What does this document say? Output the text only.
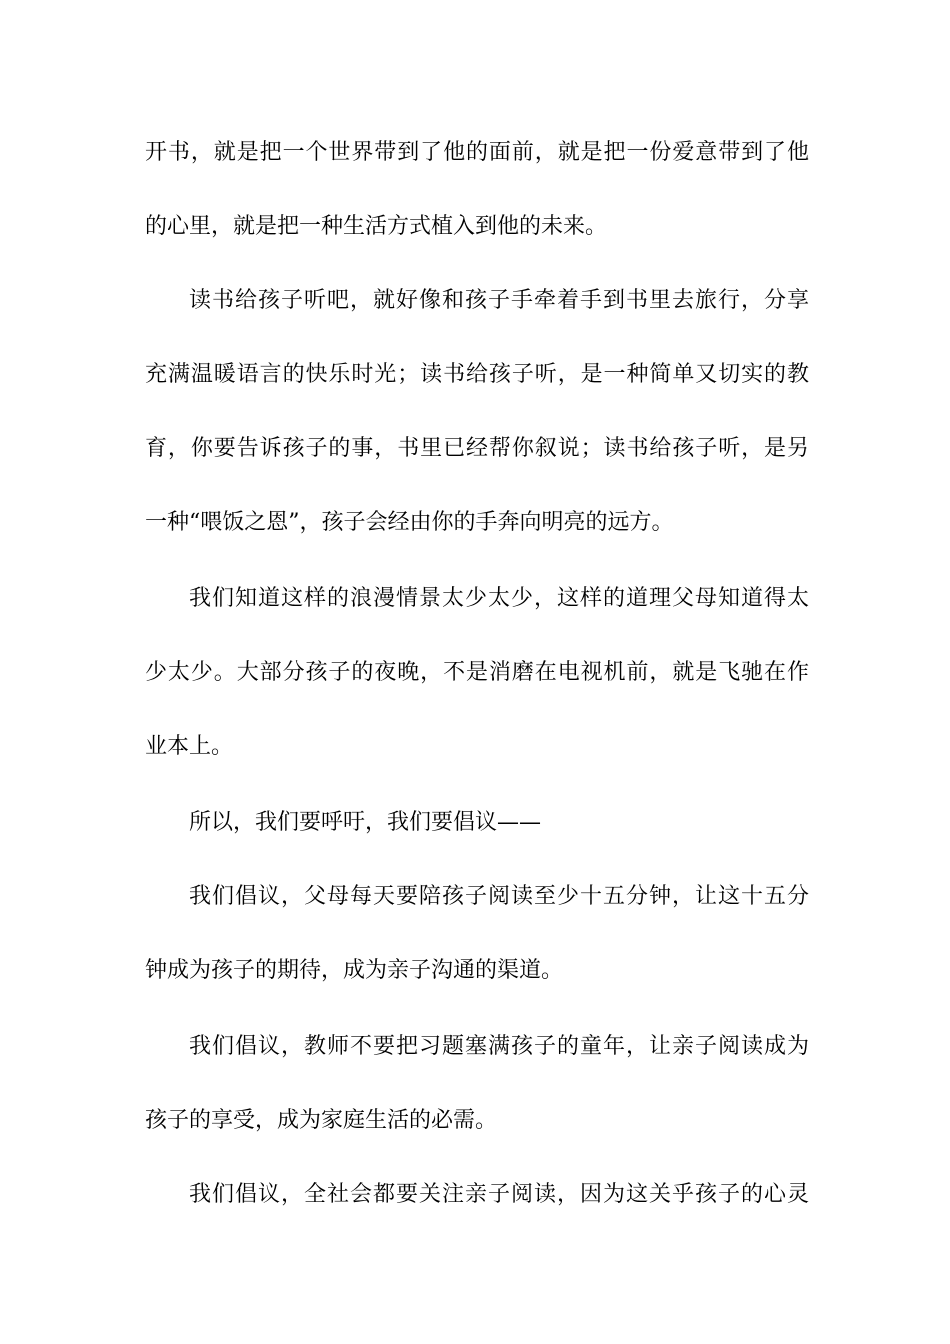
开书，就是把一个世界带到了他的面前，就是把一份爱意带到了他
的心里，就是把一种生活方式植入到他的未来。
读书给孩子听吧，就好像和孩子手牵着手到书里去旅行，分享
充满温暖语言的快乐时光；读书给孩子听，是一种简单又切实的教
育，你要告诉孩子的事，书里已经帮你叙说；读书给孩子听，是另
一种“喂饭之恩”，孩子会经由你的手奔向明亮的远方。
我们知道这样的浪漫情景太少太少，这样的道理父母知道得太
少太少。大部分孩子的夜晚，不是消磨在电视机前，就是飞驰在作
业本上。
所以，我们要呼吁，我们要倡议——
我们倡议，父母每天要陪孩子阅读至少十五分钟，让这十五分
钟成为孩子的期待，成为亲子沟通的渠道。
我们倡议，教师不要把习题塞满孩子的童年，让亲子阅读成为
孩子的享受，成为家庭生活的必需。
我们倡议，全社会都要关注亲子阅读，因为这关乎孩子的心灵
